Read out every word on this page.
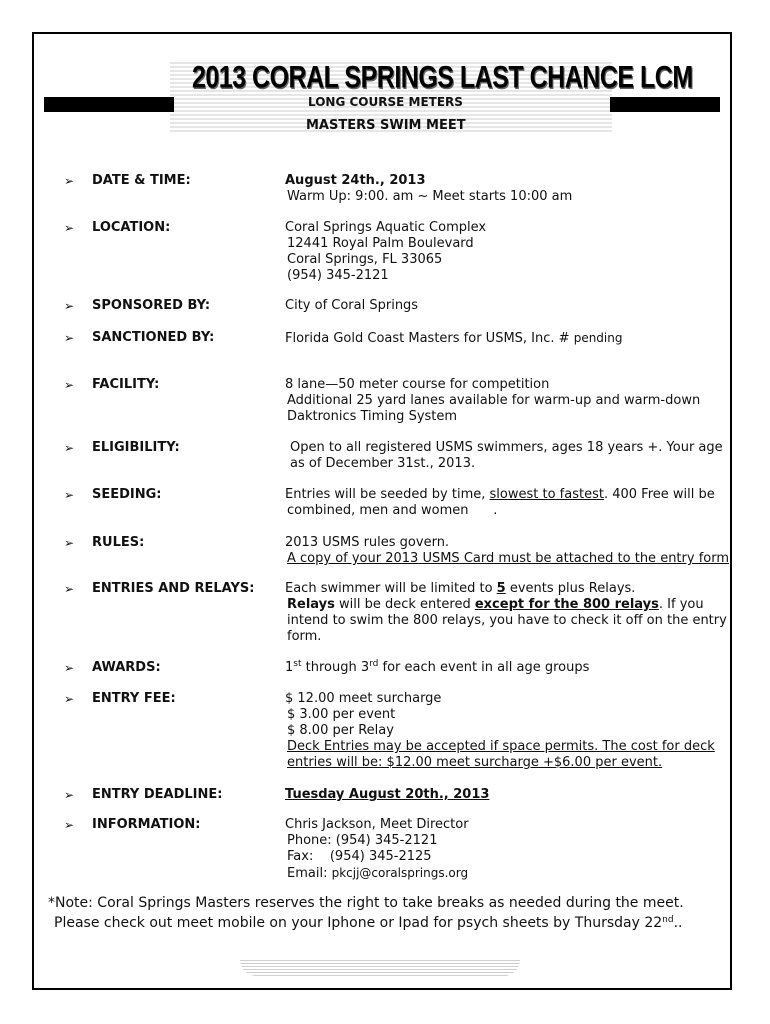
2013 CORAL SPRINGS LAST CHANCE LCM
LONG COURSE METERS
MASTERS SWIM MEET
➢ DATE & TIME:	August 24th., 2013
Warm Up: 9:00. am ~ Meet starts 10:00 am
➢ LOCATION:	Coral Springs Aquatic Complex
12441 Royal Palm Boulevard
Coral Springs, FL 33065
(954) 345-2121
➢ SPONSORED BY:	City of Coral Springs
➢ SANCTIONED BY:	Florida Gold Coast Masters for USMS, Inc. # pending
➢ FACILITY:	8 lane—50 meter course for competition
Additional 25 yard lanes available for warm-up and warm-down
Daktronics Timing System
➢ ELIGIBILITY:	Open to all registered USMS swimmers, ages 18 years +. Your age
as of December 31st., 2013.
➢ SEEDING:	Entries will be seeded by time, slowest to fastest. 400 Free will be
combined, men and women      .
➢ RULES:	2013 USMS rules govern.
A copy of your 2013 USMS Card must be attached to the entry form.
➢ ENTRIES AND RELAYS: Each swimmer will be limited to 5 events plus Relays.
Relays will be deck entered except for the 800 relays. If you
intend to swim the 800 relays, you have to check it off on the entry
form.
➢ AWARDS:	1st through 3rd for each event in all age groups
➢ ENTRY FEE:	$ 12.00 meet surcharge
$ 3.00 per event
$ 8.00 per Relay
Deck Entries may be accepted if space permits. The cost for deck
entries will be: $12.00 meet surcharge +$6.00 per event.
➢ ENTRY DEADLINE:	Tuesday August 20th., 2013
➢ INFORMATION:	Chris Jackson, Meet Director
Phone: (954) 345-2121
Fax:    (954) 345-2125
Email: pkcjj@coralsprings.org
*Note: Coral Springs Masters reserves the right to take breaks as needed during the meet.
Please check out meet mobile on your Iphone or Ipad for psych sheets by Thursday 22nd..
